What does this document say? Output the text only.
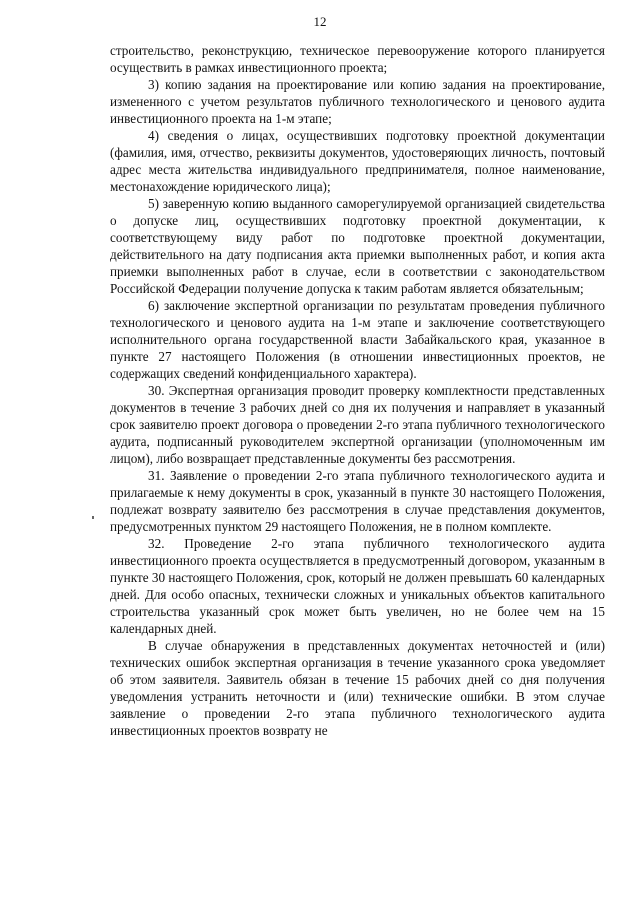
12

строительство, реконструкцию, техническое перевооружение которого планируется осуществить в рамках инвестиционного проекта;

3) копию задания на проектирование или копию задания на проектирование, измененного с учетом результатов публичного технологического и ценового аудита инвестиционного проекта на 1-м этапе;

4) сведения о лицах, осуществивших подготовку проектной документации (фамилия, имя, отчество, реквизиты документов, удостоверяющих личность, почтовый адрес места жительства индивидуального предпринимателя, полное наименование, местонахождение юридического лица);

5) заверенную копию выданного саморегулируемой организацией свидетельства о допуске лиц, осуществивших подготовку проектной документации, к соответствующему виду работ по подготовке проектной документации, действительного на дату подписания акта приемки выполненных работ, и копия акта приемки выполненных работ в случае, если в соответствии с законодательством Российской Федерации получение допуска к таким работам является обязательным;

6) заключение экспертной организации по результатам проведения публичного технологического и ценового аудита на 1-м этапе и заключение соответствующего исполнительного органа государственной власти Забайкальского края, указанное в пункте 27 настоящего Положения (в отношении инвестиционных проектов, не содержащих сведений конфиденциального характера).

30. Экспертная организация проводит проверку комплектности представленных документов в течение 3 рабочих дней со дня их получения и направляет в указанный срок заявителю проект договора о проведении 2-го этапа публичного технологического аудита, подписанный руководителем экспертной организации (уполномоченным им лицом), либо возвращает представленные документы без рассмотрения.

31. Заявление о проведении 2-го этапа публичного технологического аудита и прилагаемые к нему документы в срок, указанный в пункте 30 настоящего Положения, подлежат возврату заявителю без рассмотрения в случае представления документов, предусмотренных пунктом 29 настоящего Положения, не в полном комплекте.

32. Проведение 2-го этапа публичного технологического аудита инвестиционного проекта осуществляется в предусмотренный договором, указанным в пункте 30 настоящего Положения, срок, который не должен превышать 60 календарных дней. Для особо опасных, технически сложных и уникальных объектов капитального строительства указанный срок может быть увеличен, но не более чем на 15 календарных дней.

В случае обнаружения в представленных документах неточностей и (или) технических ошибок экспертная организация в течение указанного срока уведомляет об этом заявителя. Заявитель обязан в течение 15 рабочих дней со дня получения уведомления устранить неточности и (или) технические ошибки. В этом случае заявление о проведении 2-го этапа публичного технологического аудита инвестиционных проектов возврату не
